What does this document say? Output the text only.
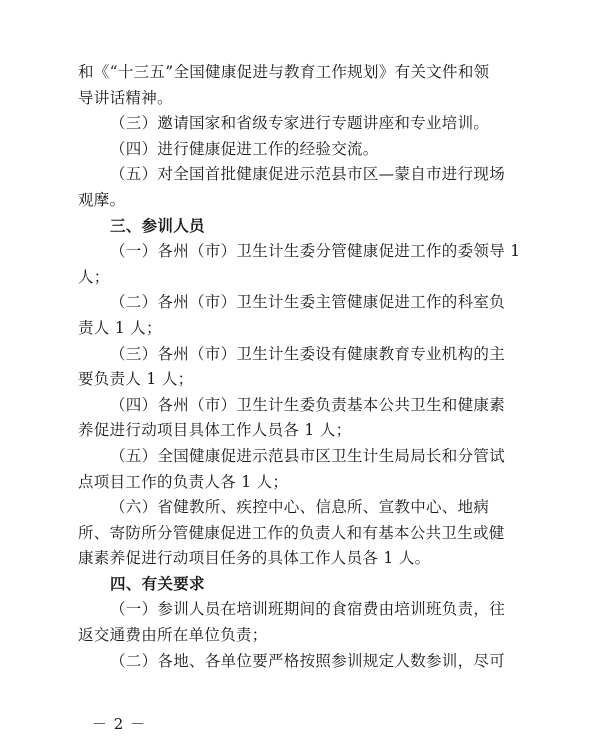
和《“十三五”全国健康促进与教育工作规划》有关文件和领
导讲话精神。
（三）邀请国家和省级专家进行专题讲座和专业培训。
（四）进行健康促进工作的经验交流。
（五）对全国首批健康促进示范县市区—蒙自市进行现场
观摩。
三、参训人员
（一）各州（市）卫生计生委分管健康促进工作的委领导 1
人；
（二）各州（市）卫生计生委主管健康促进工作的科室负
责人 1 人；
（三）各州（市）卫生计生委设有健康教育专业机构的主
要负责人 1 人；
（四）各州（市）卫生计生委负责基本公共卫生和健康素
养促进行动项目具体工作人员各 1 人；
（五）全国健康促进示范县市区卫生计生局局长和分管试
点项目工作的负责人各 1 人；
（六）省健教所、疾控中心、信息所、宣教中心、地病
所、寄防所分管健康促进工作的负责人和有基本公共卫生或健
康素养促进行动项目任务的具体工作人员各 1 人。
四、有关要求
（一）参训人员在培训班期间的食宿费由培训班负责，往
返交通费由所在单位负责；
（二）各地、各单位要严格按照参训规定人数参训，尽可
－ 2 －
